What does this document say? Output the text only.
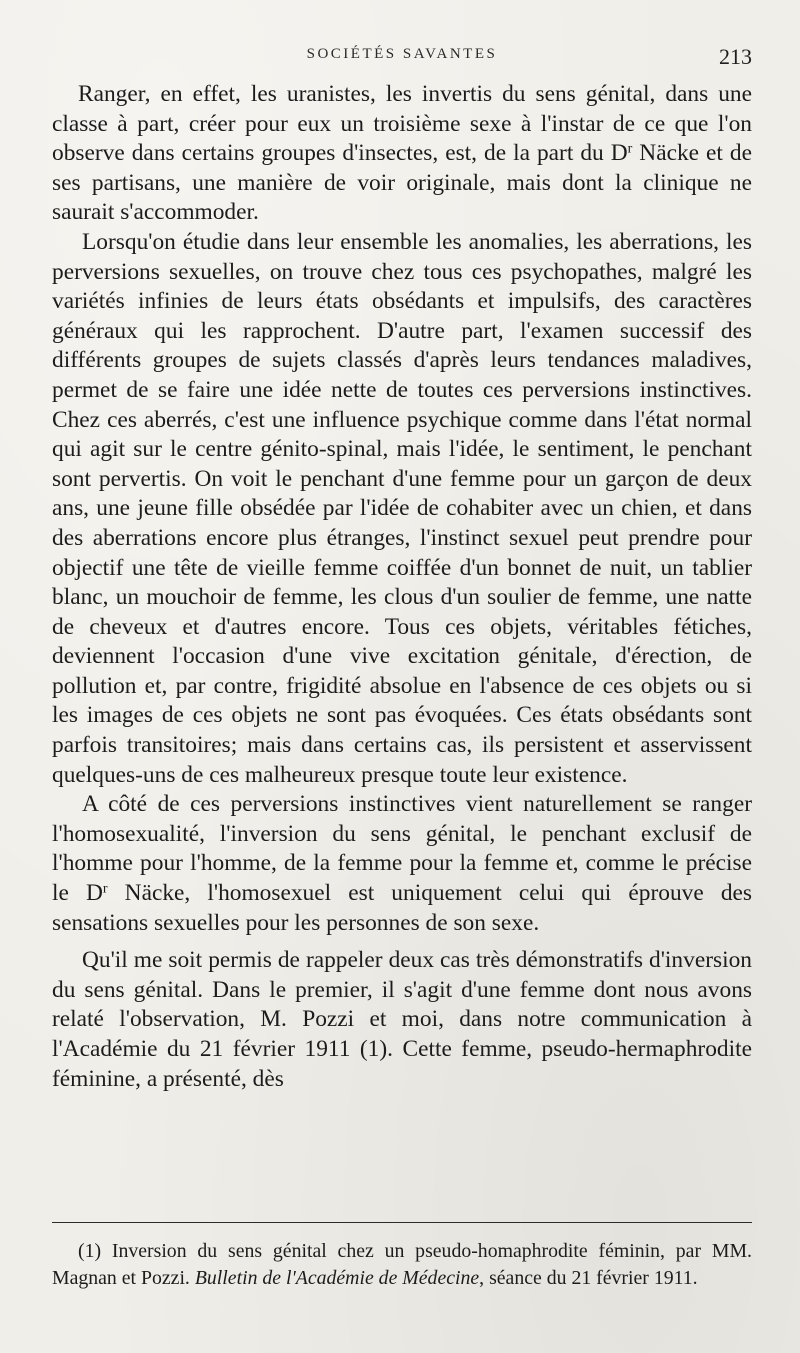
SOCIÉTÉS SAVANTES	213

Ranger, en effet, les uranistes, les invertis du sens génital, dans une classe à part, créer pour eux un troisième sexe à l'instar de ce que l'on observe dans certains groupes d'insectes, est, de la part du $D^r$ Näcke et de ses partisans, une manière de voir originale, mais dont la clinique ne saurait s'accommoder.

Lorsqu'on étudie dans leur ensemble les anomalies, les aberrations, les perversions sexuelles, on trouve chez tous ces psychopathes, malgré les variétés infinies de leurs états obsédants et impulsifs, des caractères généraux qui les rapprochent. D'autre part, l'examen successif des différents groupes de sujets classés d'après leurs tendances maladives, permet de se faire une idée nette de toutes ces perversions instinctives. Chez ces aberrés, c'est une influence psychique comme dans l'état normal qui agit sur le centre génito-spinal, mais l'idée, le sentiment, le penchant sont pervertis. On voit le penchant d'une femme pour un garçon de deux ans, une jeune fille obsédée par l'idée de cohabiter avec un chien, et dans des aberrations encore plus étranges, l'instinct sexuel peut prendre pour objectif une tête de vieille femme coiffée d'un bonnet de nuit, un tablier blanc, un mouchoir de femme, les clous d'un soulier de femme, une natte de cheveux et d'autres encore. Tous ces objets, véritables fétiches, deviennent l'occasion d'une vive excitation génitale, d'érection, de pollution et, par contre, frigidité absolue en l'absence de ces objets ou si les images de ces objets ne sont pas évoquées. Ces états obsédants sont parfois transitoires; mais dans certains cas, ils persistent et asservissent quelques-uns de ces malheureux presque toute leur existence.

A côté de ces perversions instinctives vient naturellement se ranger l'homosexualité, l'inversion du sens génital, le penchant exclusif de l'homme pour l'homme, de la femme pour la femme et, comme le précise le $D^r$ Näcke, l'homosexuel est uniquement celui qui éprouve des sensations sexuelles pour les personnes de son sexe.

Qu'il me soit permis de rappeler deux cas très démonstratifs d'inversion du sens génital. Dans le premier, il s'agit d'une femme dont nous avons relaté l'observation, M. Pozzi et moi, dans notre communication à l'Académie du 21 février 1911 (1). Cette femme, pseudo-hermaphrodite féminine, a présenté, dès

(1) Inversion du sens génital chez un pseudo-homaphrodite féminin, par MM. Magnan et Pozzi. Bulletin de l'Académie de Médecine, séance du 21 février 1911.
